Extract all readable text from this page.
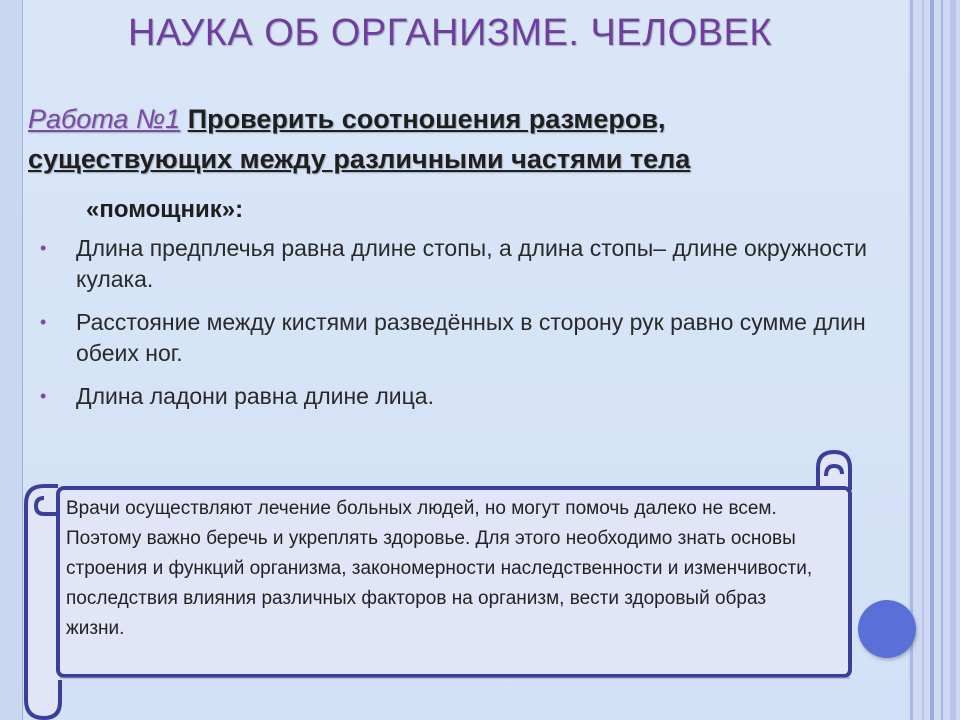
НАУКА ОБ ОРГАНИЗМЕ. ЧЕЛОВЕК
Работа №1 Проверить соотношения размеров, существующих между различными частями тела
«помощник»:
• Длина предплечья равна длине стопы, а длина стопы– длине окружности кулака.
• Расстояние между кистями разведённых в сторону рук равно сумме длин обеих ног.
• Длина ладони равна длине лица.
Врачи осуществляют лечение больных людей, но могут помочь далеко не всем. Поэтому важно беречь и укреплять здоровье. Для этого необходимо знать основы строения и функций организма, закономерности наследственности и изменчивости, последствия влияния различных факторов на организм, вести здоровый образ жизни.
